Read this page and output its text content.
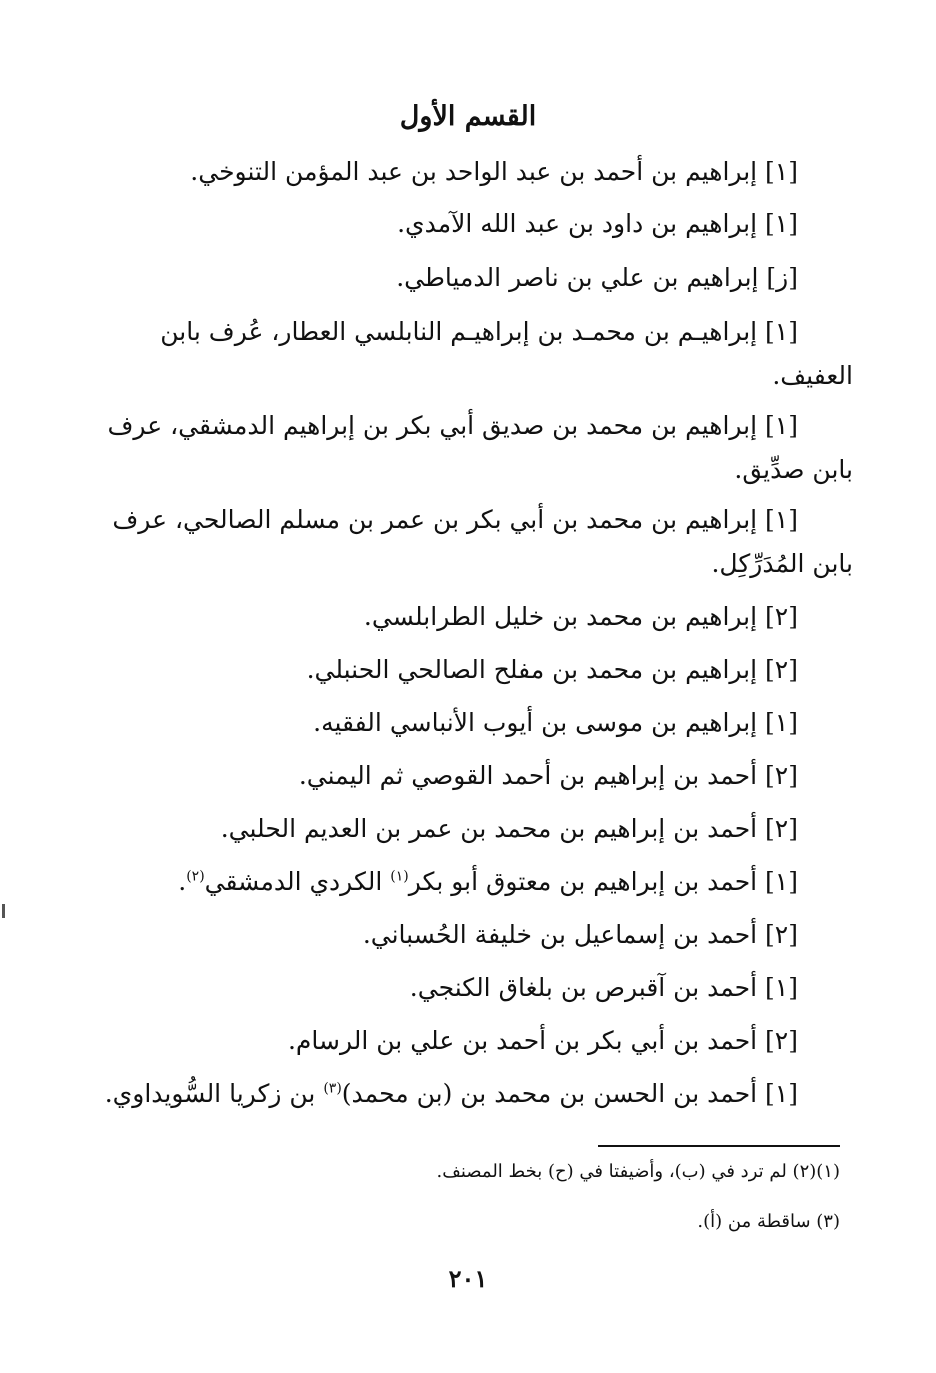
القسم الأول
[١] إبراهيم بن أحمد بن عبد الواحد بن عبد المؤمن التنوخي.
[١] إبراهيم بن داود بن عبد الله الآمدي.
[ز] إبراهيم بن علي بن ناصر الدمياطي.
[١] إبراهيـم بن محمـد بن إبراهيـم النابلسي العطار، عُرف بابن
العفيف.
[١] إبراهيم بن محمد بن صديق أبي بكر بن إبراهيم الدمشقي، عرف
بابن صدِّيق.
[١] إبراهيم بن محمد بن أبي بكر بن عمر بن مسلم الصالحي، عرف
بابن المُدَرِّكِل.
[٢] إبراهيم بن محمد بن خليل الطرابلسي.
[٢] إبراهيم بن محمد بن مفلح الصالحي الحنبلي.
[١] إبراهيم بن موسى بن أيوب الأنباسي الفقيه.
[٢] أحمد بن إبراهيم بن أحمد القوصي ثم اليمني.
[٢] أحمد بن إبراهيم بن محمد بن عمر بن العديم الحلبي.
[١] أحمد بن إبراهيم بن معتوق أبو بكر$^{(١)}$ الكردي الدمشقي$^{(٢)}$.
[٢] أحمد بن إسماعيل بن خليفة الحُسباني.
[١] أحمد بن آقبرص بن بلغاق الكنجي.
[٢] أحمد بن أبي بكر بن أحمد بن علي بن الرسام.
[١] أحمد بن الحسن بن محمد بن (بن محمد)$^{(٣)}$ بن زكريا السُّويداوي.
(١)(٢) لم ترد في (ب)، وأضيفتا في (ح) بخط المصنف.
(٣) ساقطة من (أ).
٢٠١
